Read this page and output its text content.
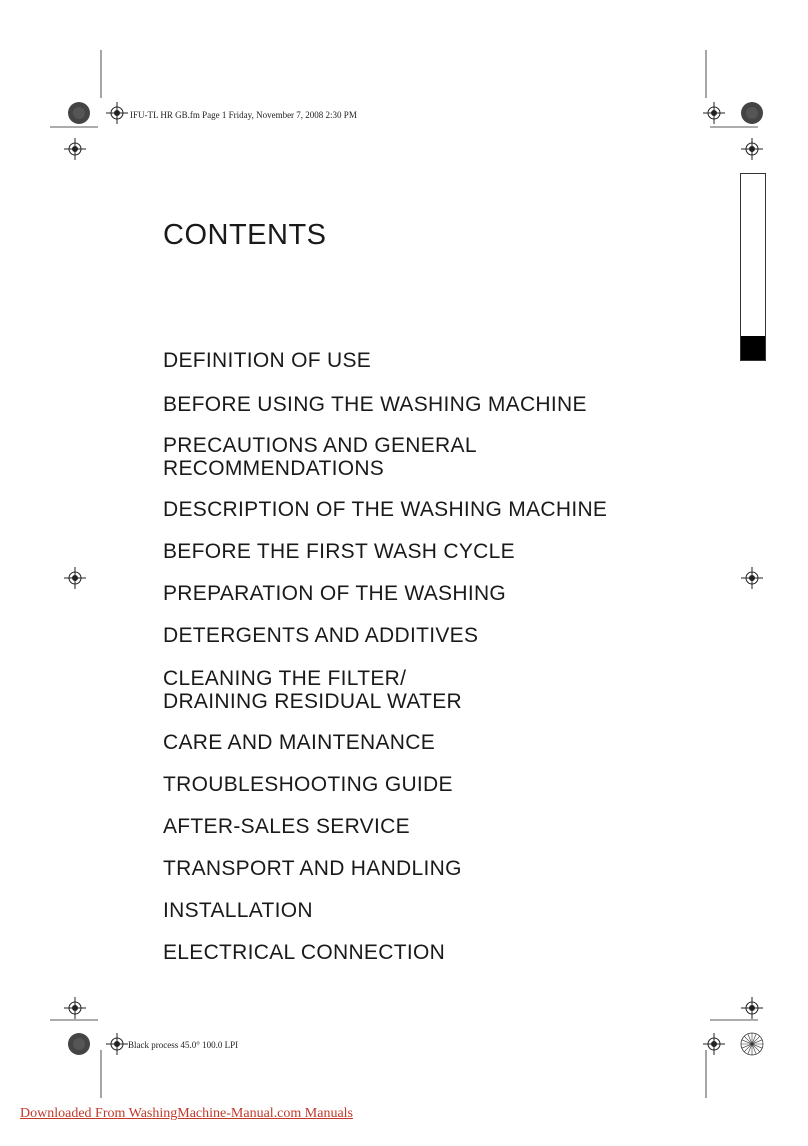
IFU-TL HR GB.fm Page 1 Friday, November 7, 2008 2:30 PM
CONTENTS
DEFINITION OF USE
BEFORE USING THE WASHING MACHINE
PRECAUTIONS AND GENERAL
RECOMMENDATIONS
DESCRIPTION OF THE WASHING MACHINE
BEFORE THE FIRST WASH CYCLE
PREPARATION OF THE WASHING
DETERGENTS AND ADDITIVES
CLEANING THE FILTER/
DRAINING RESIDUAL WATER
CARE AND MAINTENANCE
TROUBLESHOOTING GUIDE
AFTER-SALES SERVICE
TRANSPORT AND HANDLING
INSTALLATION
ELECTRICAL CONNECTION
Black process 45.0° 100.0 LPI
Downloaded From WashingMachine-Manual.com Manuals
